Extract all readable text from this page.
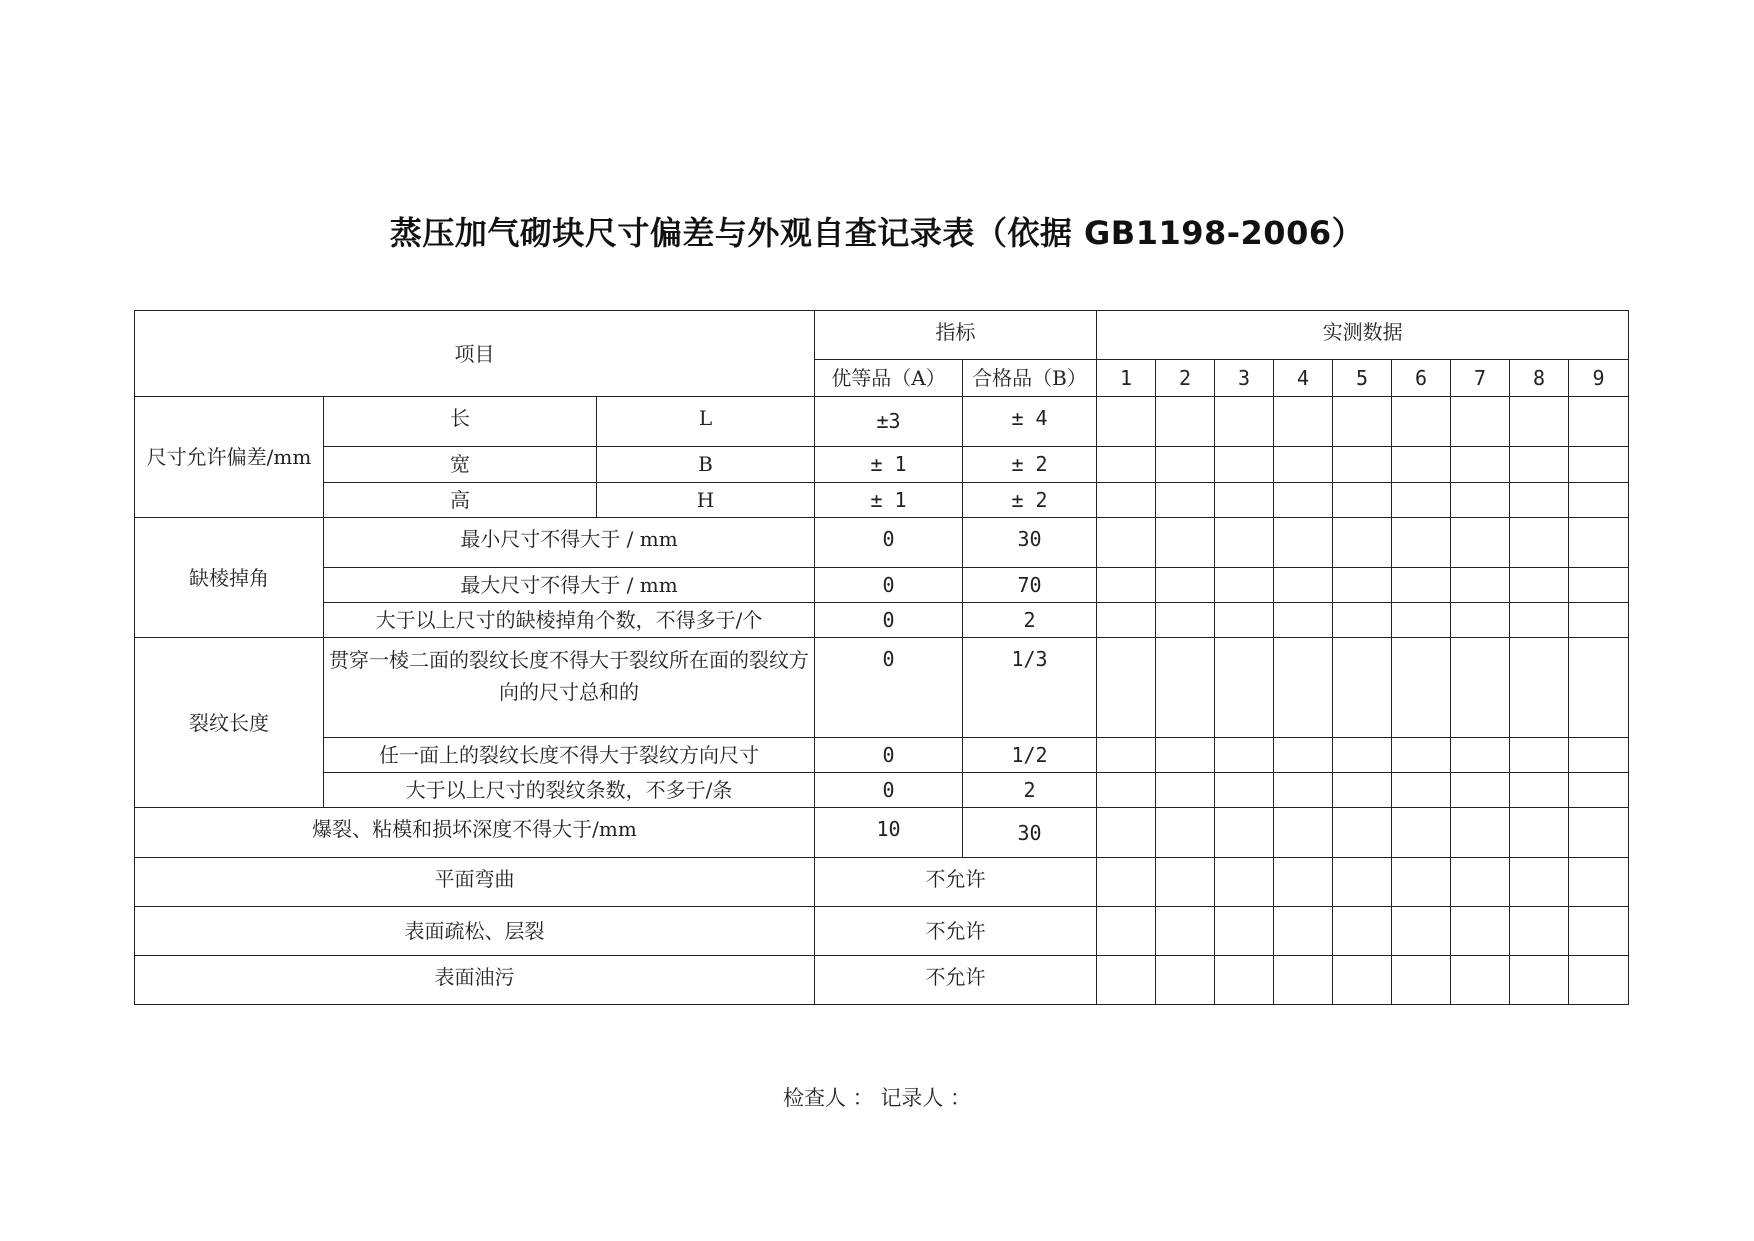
蒸压加气砌块尺寸偏差与外观自查记录表（依据 GB1198-2006）
项目			指标		实测数据								
			优等品（A）	合格品（B）	1	2	3	4	5	6	7	8	9
尺寸允许偏差/mm	长	L	±3	± 4									
	宽	B	± 1	± 2									
	高	H	± 1	± 2									
缺棱掉角	最小尺寸不得大于 / mm		0	30									
	最大尺寸不得大于 / mm		0	70									
	大于以上尺寸的缺棱掉角个数，不得多于/个		0	2									
裂纹长度	贯穿一棱二面的裂纹长度不得大于裂纹所在面的裂纹方向的尺寸总和的		0	1/3									
	任一面上的裂纹长度不得大于裂纹方向尺寸		0	1/2									
	大于以上尺寸的裂纹条数，不多于/条		0	2									
爆裂、粘模和损坏深度不得大于/mm			10	30									
平面弯曲			不允许										
表面疏松、层裂			不允许										
表面油污			不允许										
检查人 ： 记录人 ：
